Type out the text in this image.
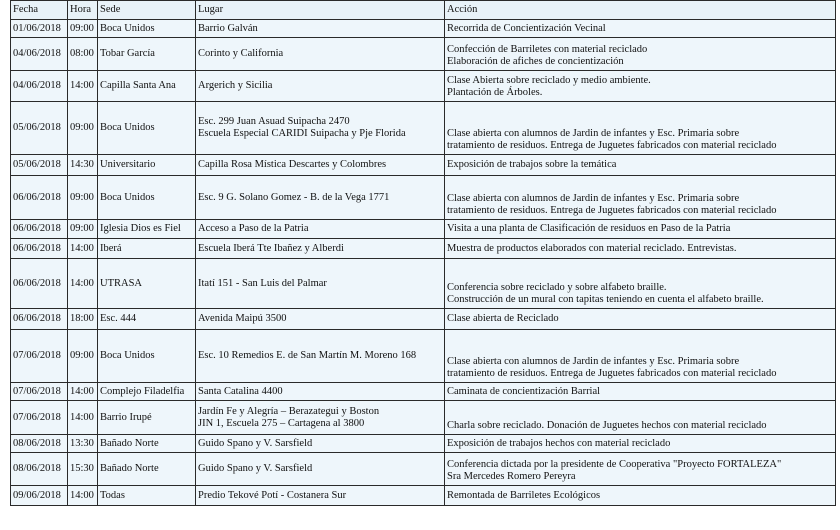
Fecha	Hora	Sede	Lugar	Acción
01/06/2018	09:00	Boca Unidos	Barrio Galván	Recorrida de Concientización Vecinal

04/06/2018	08:00	Tobar García	Corinto y California	Confección de Barriletes con material reciclado
Elaboración de afiches de concientización

04/06/2018	14:00	Capilla Santa Ana	Argerich y Sicilia	Clase Abierta sobre reciclado y medio ambiente.
Plantación de Árboles.

05/06/2018	09:00	Boca Unidos	Esc. 299 Juan Asuad Suipacha 2470
Escuela Especial CARIDI Suipacha y Pje Florida	Clase abierta con alumnos de Jardin de infantes y Esc. Primaria sobre
tratamiento de residuos. Entrega de Juguetes fabricados con material reciclado

05/06/2018	14:30	Universitario	Capilla Rosa Mística Descartes y Colombres	Exposición de trabajos sobre la temática

06/06/2018	09:00	Boca Unidos	Esc. 9 G. Solano Gomez - B. de la Vega 1771	Clase abierta con alumnos de Jardin de infantes y Esc. Primaria sobre
tratamiento de residuos. Entrega de Juguetes fabricados con material reciclado

06/06/2018	09:00	Iglesia Dios es Fiel	Acceso a Paso de la Patria	Visita a una planta de Clasificación de residuos en Paso de la Patria

06/06/2018	14:00	Iberá	Escuela Iberá Tte Ibañez y Alberdi	Muestra de productos elaborados con material reciclado. Entrevistas.

06/06/2018	14:00	UTRASA	Itatí 151 - San Luis del Palmar	Conferencia sobre reciclado y sobre alfabeto braille.
Construcción de un mural con tapitas teniendo en cuenta el alfabeto braille.

06/06/2018	18:00	Esc. 444	Avenida Maipú 3500	Clase abierta de Reciclado

07/06/2018	09:00	Boca Unidos	Esc. 10 Remedios E. de San Martín M. Moreno 168	Clase abierta con alumnos de Jardin de infantes y Esc. Primaria sobre
tratamiento de residuos. Entrega de Juguetes fabricados con material reciclado

07/06/2018	14:00	Complejo Filadelfia	Santa Catalina 4400	Caminata de concientización Barrial

07/06/2018	14:00	Barrio Irupé	Jardín Fe y Alegría – Berazategui y Boston
JIN 1, Escuela 275 – Cartagena al 3800	Charla sobre reciclado. Donación de Juguetes hechos con material reciclado

08/06/2018	13:30	Bañado Norte	Guido Spano y V. Sarsfield	Exposición de trabajos hechos con material reciclado

08/06/2018	15:30	Bañado Norte	Guido Spano y V. Sarsfield	Conferencia dictada por la presidente de Cooperativa "Proyecto FORTALEZA"
Sra Mercedes Romero Pereyra

09/06/2018	14:00	Todas	Predio Tekové Potí - Costanera Sur	Remontada de Barriletes Ecológicos
